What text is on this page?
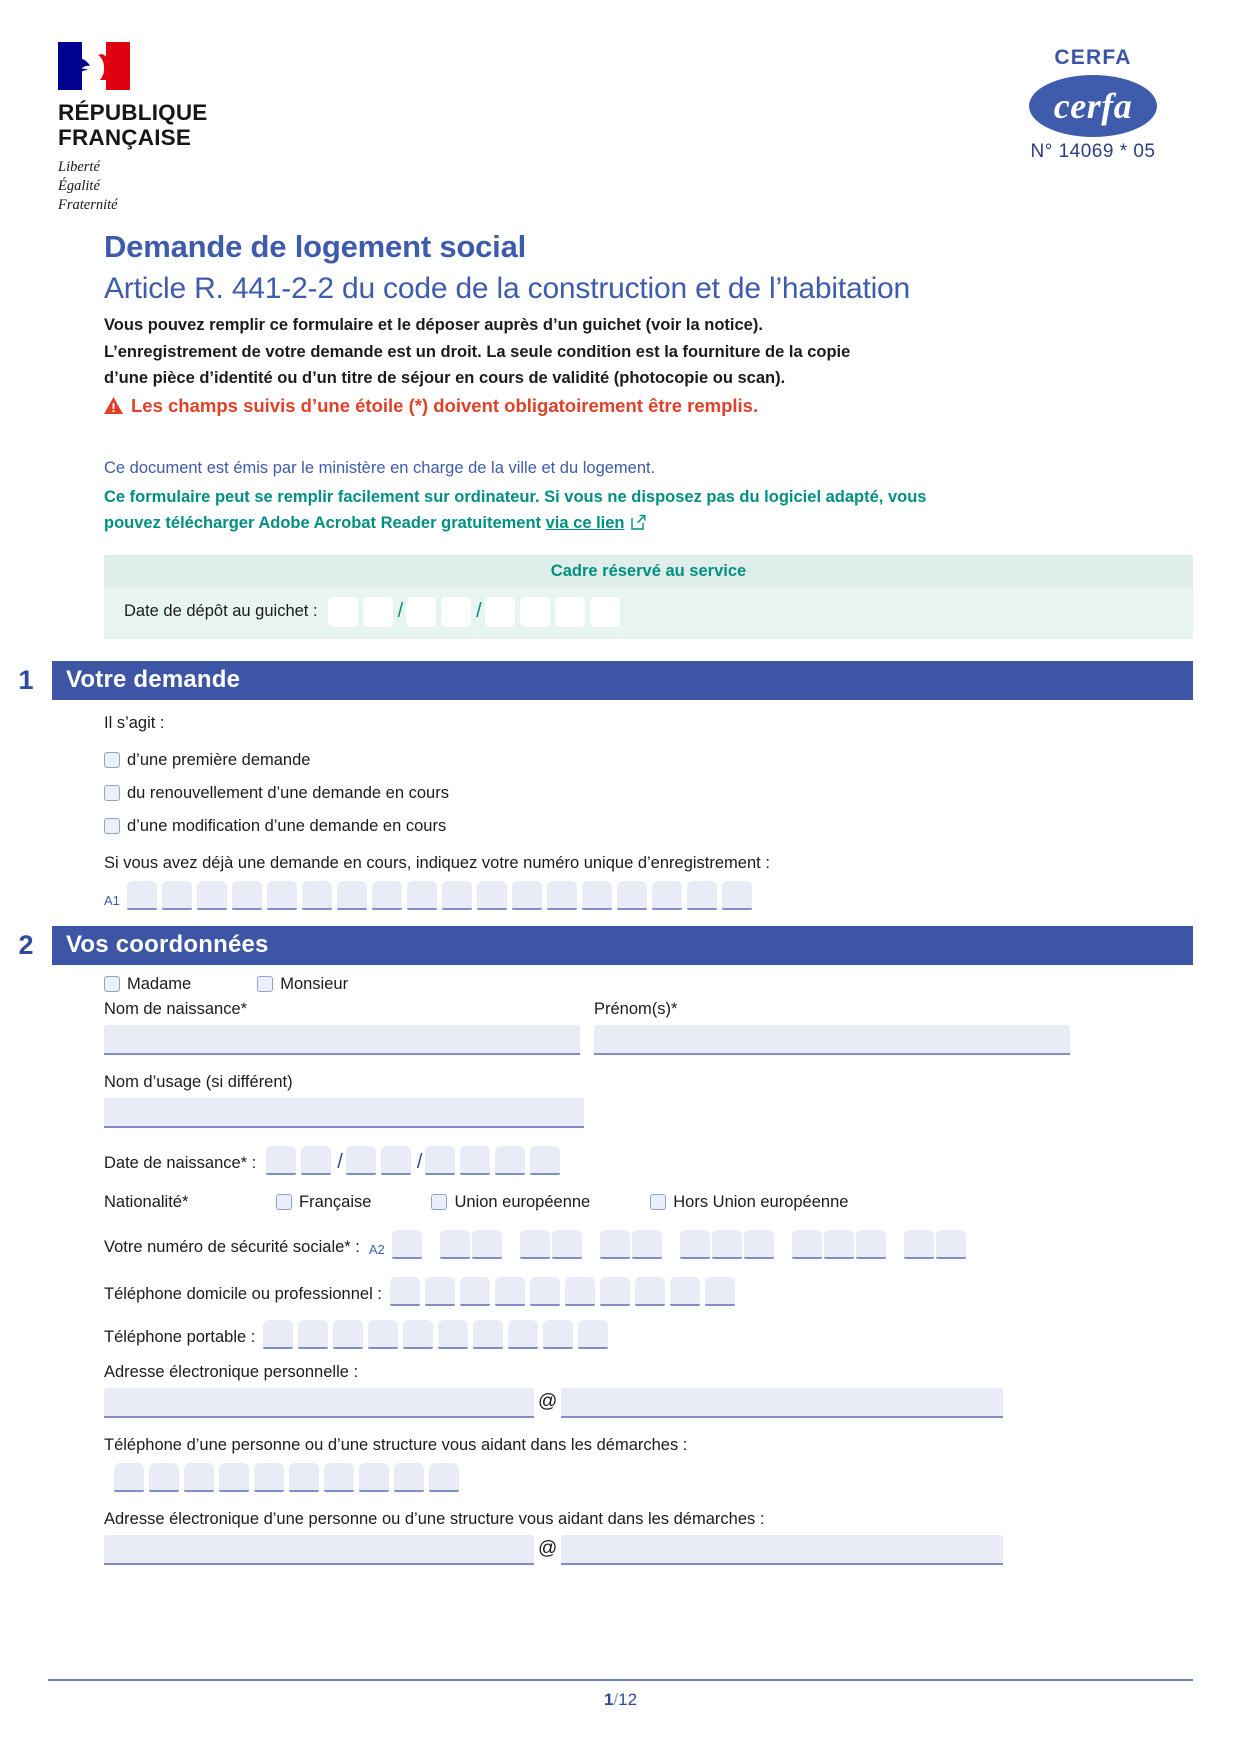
RÉPUBLIQUE
FRANÇAISE
Liberté
Égalité
Fraternité
CERFA
cerfa
N° 14069 * 05
Demande de logement social
Article R. 441-2-2 du code de la construction et de l’habitation

Vous pouvez remplir ce formulaire et le déposer auprès d’un guichet (voir la notice).
L’enregistrement de votre demande est un droit. La seule condition est la fourniture de la copie
d’une pièce d’identité ou d’un titre de séjour en cours de validité (photocopie ou scan).

Les champs suivis d’une étoile (*) doivent obligatoirement être remplis.

Ce document est émis par le ministère en charge de la ville et du logement.

Ce formulaire peut se remplir facilement sur ordinateur. Si vous ne disposez pas du logiciel adapté, vous
pouvez télécharger Adobe Acrobat Reader gratuitement via ce lien

Cadre réservé au service
Date de dépôt au guichet :	/	/
1	Votre demande
Il s’agit :
d’une première demande
du renouvellement d’une demande en cours
d’une modification d’une demande en cours
Si vous avez déjà une demande en cours, indiquez votre numéro unique d’enregistrement :
A1
2	Vos coordonnées
Madame	Monsieur
Nom de naissance*	Prénom(s)*
Nom d’usage (si différent)
Date de naissance* :	/	/
Nationalité*	Française	Union européenne	Hors Union européenne
Votre numéro de sécurité sociale* : A2
Téléphone domicile ou professionnel :
Téléphone portable :
Adresse électronique personnelle :
@
Téléphone d’une personne ou d’une structure vous aidant dans les démarches :
Adresse électronique d’une personne ou d’une structure vous aidant dans les démarches :
@
1/12
